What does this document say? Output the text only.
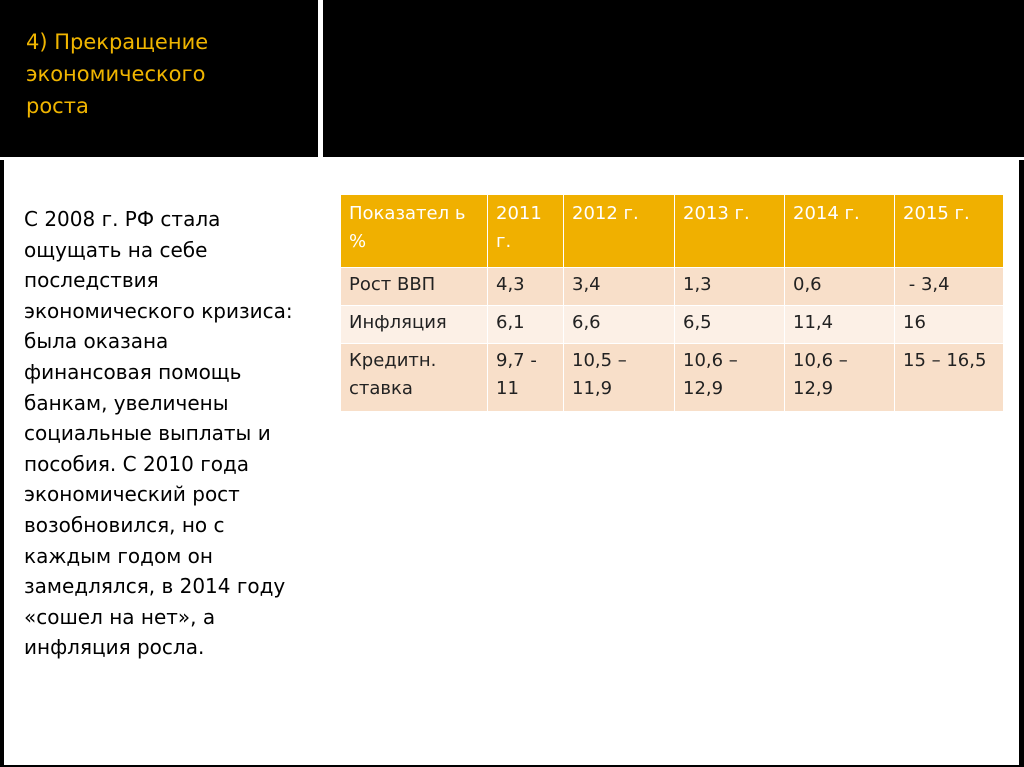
4) Прекращение
экономического
роста
С 2008 г. РФ стала ощущать на себе последствия экономического кризиса: была оказана финансовая помощь банкам, увеличены социальные выплаты и пособия. С 2010 года экономический рост возобновился, но с каждым годом он замедлялся, в 2014 году «сошел на нет», а инфляция росла.
Показател ь %	2011 г.	2012 г.	2013 г.	2014 г.	2015 г.
Рост ВВП	4,3	3,4	1,3	0,6	- 3,4
Инфляция	6,1	6,6	6,5	11,4	16
Кредитн. ставка	9,7 - 11	10,5 – 11,9	10,6 – 12,9	10,6 – 12,9	15 – 16,5
